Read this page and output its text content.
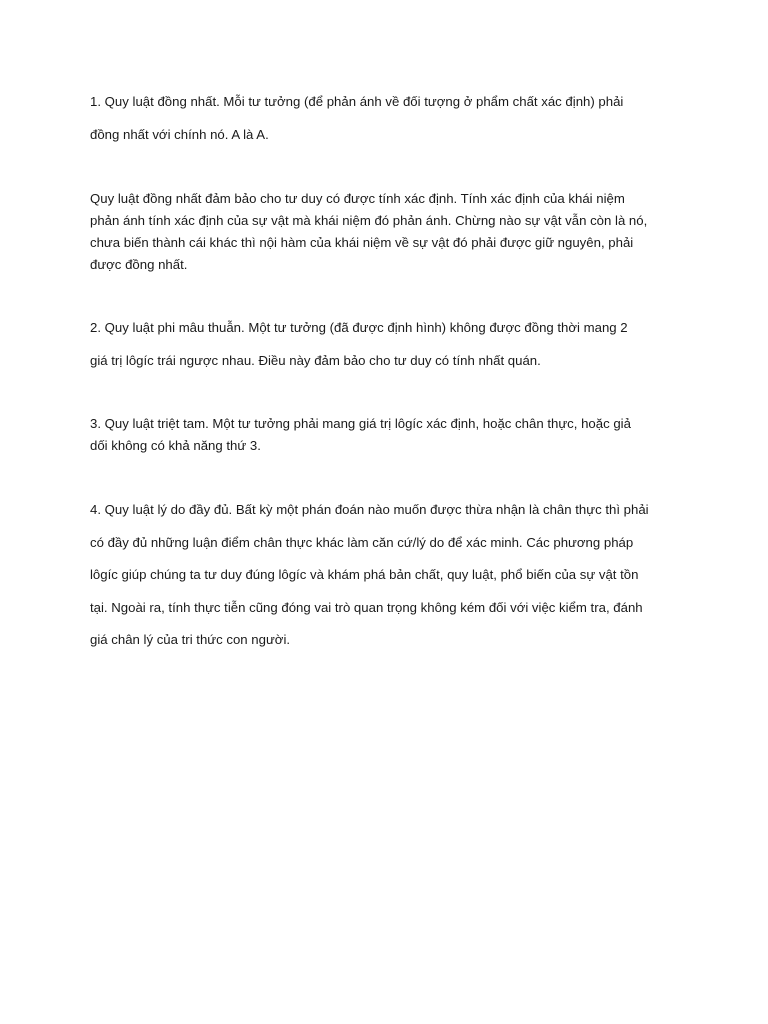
1. Quy luật đồng nhất. Mỗi tư tưởng (để phản ánh về đối tượng ở phẩm chất xác định) phải
đồng nhất với chính nó. A là A.

Quy luật đồng nhất đảm bảo cho tư duy có được tính xác định. Tính xác định của khái niệm
phản ánh tính xác định của sự vật mà khái niệm đó phản ánh. Chừng nào sự vật vẫn còn là nó,
chưa biến thành cái khác thì nội hàm của khái niệm về sự vật đó phải được giữ nguyên, phải
được đồng nhất.

2. Quy luật phi mâu thuẫn. Một tư tưởng (đã được định hình) không được đồng thời mang 2
giá trị lôgíc trái ngược nhau. Điều này đảm bảo cho tư duy có tính nhất quán.

3. Quy luật triệt tam. Một tư tưởng phải mang giá trị lôgíc xác định, hoặc chân thực, hoặc giả
dối không có khả năng thứ 3.

4. Quy luật lý do đầy đủ. Bất kỳ một phán đoán nào muốn được thừa nhận là chân thực thì phải
có đầy đủ những luận điểm chân thực khác làm căn cứ/lý do để xác minh. Các phương pháp
lôgíc giúp chúng ta tư duy đúng lôgíc và khám phá bản chất, quy luật, phổ biến của sự vật tồn
tại. Ngoài ra, tính thực tiễn cũng đóng vai trò quan trọng không kém đối với việc kiểm tra, đánh
giá chân lý của tri thức con người.
